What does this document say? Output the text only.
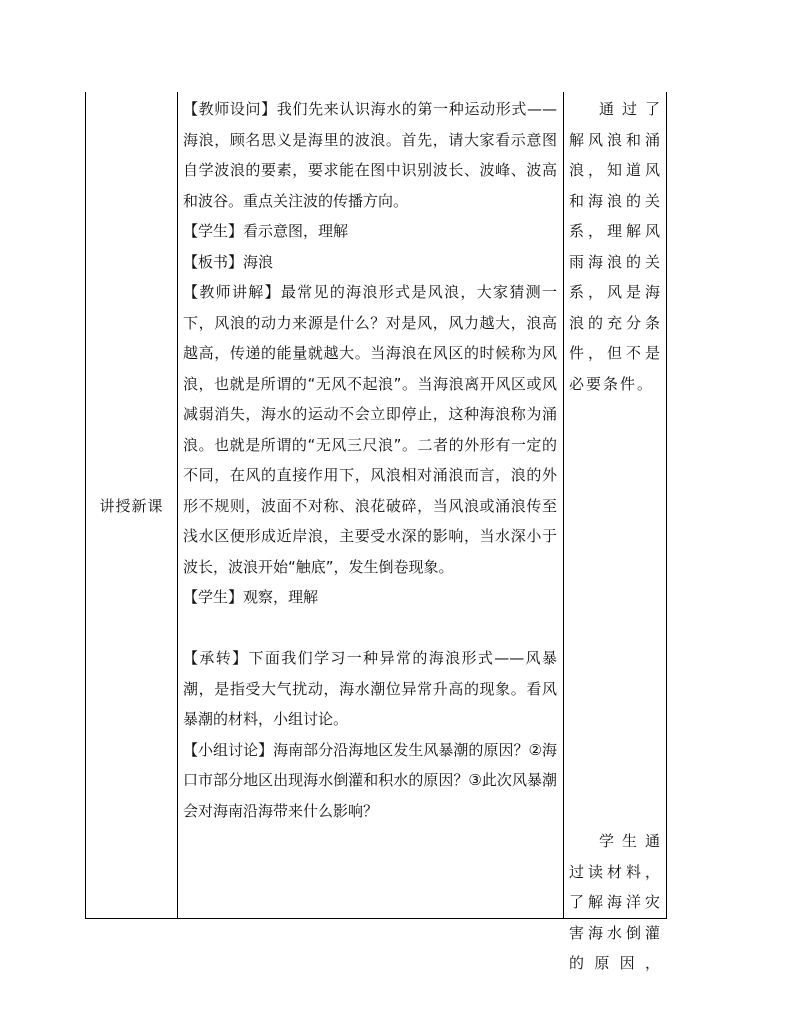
讲授新课

【教师设问】我们先来认识海水的第一种运动形式——海浪，顾名思义是海里的波浪。首先，请大家看示意图自学波浪的要素，要求能在图中识别波长、波峰、波高和波谷。重点关注波的传播方向。

【学生】看示意图，理解

【板书】海浪

【教师讲解】最常见的海浪形式是风浪，大家猜测一下，风浪的动力来源是什么？对是风，风力越大，浪高越高，传递的能量就越大。当海浪在风区的时候称为风浪，也就是所谓的“无风不起浪”。当海浪离开风区或风减弱消失，海水的运动不会立即停止，这种海浪称为涌浪。也就是所谓的“无风三尺浪”。二者的外形有一定的不同，在风的直接作用下，风浪相对涌浪而言，浪的外形不规则，波面不对称、浪花破碎，当风浪或涌浪传至浅水区便形成近岸浪，主要受水深的影响，当水深小于波长，波浪开始“触底”，发生倒卷现象。

【学生】观察，理解

【承转】下面我们学习一种异常的海浪形式——风暴潮，是指受大气扰动，海水潮位异常升高的现象。看风暴潮的材料，小组讨论。

【小组讨论】海南部分沿海地区发生风暴潮的原因？②海口市部分地区出现海水倒灌和积水的原因？③此次风暴潮会对海南沿海带来什么影响？

通过了解风浪和涌浪，知道风和海浪的关系，理解风雨海浪的关系，风是海浪的充分条件，但不是必要条件。

学生通过读材料，了解海洋灾害海水倒灌的原因，
